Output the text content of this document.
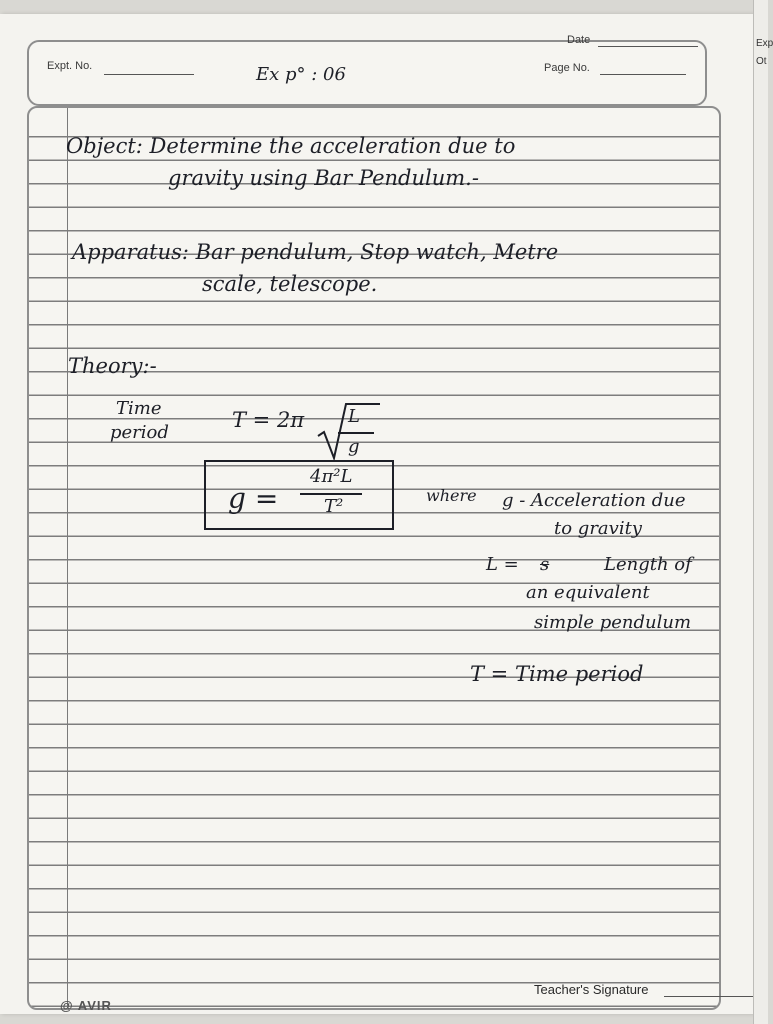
Date
Expt. No.	Ex p° : 06	Page No.
Object: Determine the acceleration due to
gravity using Bar Pendulum.-
Apparatus: Bar pendulum, Stop watch, Metre
scale, telescope.
Theory:-
Time
period
T = 2π L
g
g =
4π²L
T²
where g - Acceleration due
to gravity
L = s	Length of
an equivalent
simple pendulum
T = Time period
Teacher's Signature
@ AVIR
Exp
Ot
